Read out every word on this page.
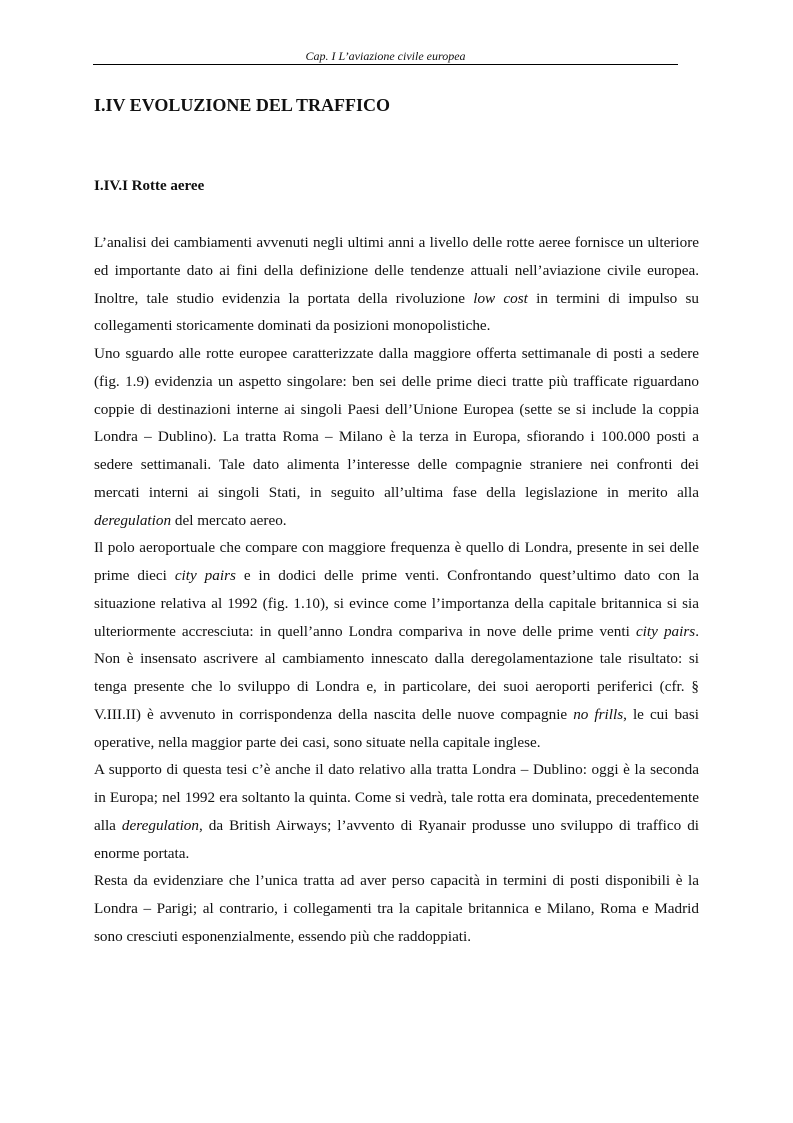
Cap. I L’aviazione civile europea
I.IV EVOLUZIONE DEL TRAFFICO
I.IV.I Rotte aeree

L’analisi dei cambiamenti avvenuti negli ultimi anni a livello delle rotte aeree fornisce un ulteriore ed importante dato ai fini della definizione delle tendenze attuali nell’aviazione civile europea. Inoltre, tale studio evidenzia la portata della rivoluzione low cost in termini di impulso su collegamenti storicamente dominati da posizioni monopolistiche.

Uno sguardo alle rotte europee caratterizzate dalla maggiore offerta settimanale di posti a sedere (fig. 1.9) evidenzia un aspetto singolare: ben sei delle prime dieci tratte più trafficate riguardano coppie di destinazioni interne ai singoli Paesi dell’Unione Europea (sette se si include la coppia Londra – Dublino). La tratta Roma – Milano è la terza in Europa, sfiorando i 100.000 posti a sedere settimanali. Tale dato alimenta l’interesse delle compagnie straniere nei confronti dei mercati interni ai singoli Stati, in seguito all’ultima fase della legislazione in merito alla deregulation del mercato aereo.

Il polo aeroportuale che compare con maggiore frequenza è quello di Londra, presente in sei delle prime dieci city pairs e in dodici delle prime venti. Confrontando quest’ultimo dato con la situazione relativa al 1992 (fig. 1.10), si evince come l’importanza della capitale britannica si sia ulteriormente accresciuta: in quell’anno Londra compariva in nove delle prime venti city pairs. Non è insensato ascrivere al cambiamento innescato dalla deregolamentazione tale risultato: si tenga presente che lo sviluppo di Londra e, in particolare, dei suoi aeroporti periferici (cfr. § V.III.II) è avvenuto in corrispondenza della nascita delle nuove compagnie no frills, le cui basi operative, nella maggior parte dei casi, sono situate nella capitale inglese.

A supporto di questa tesi c’è anche il dato relativo alla tratta Londra – Dublino: oggi è la seconda in Europa; nel 1992 era soltanto la quinta. Come si vedrà, tale rotta era dominata, precedentemente alla deregulation, da British Airways; l’avvento di Ryanair produsse uno sviluppo di traffico di enorme portata.

Resta da evidenziare che l’unica tratta ad aver perso capacità in termini di posti disponibili è la Londra – Parigi; al contrario, i collegamenti tra la capitale britannica e Milano, Roma e Madrid sono cresciuti esponenzialmente, essendo più che raddoppiati.
